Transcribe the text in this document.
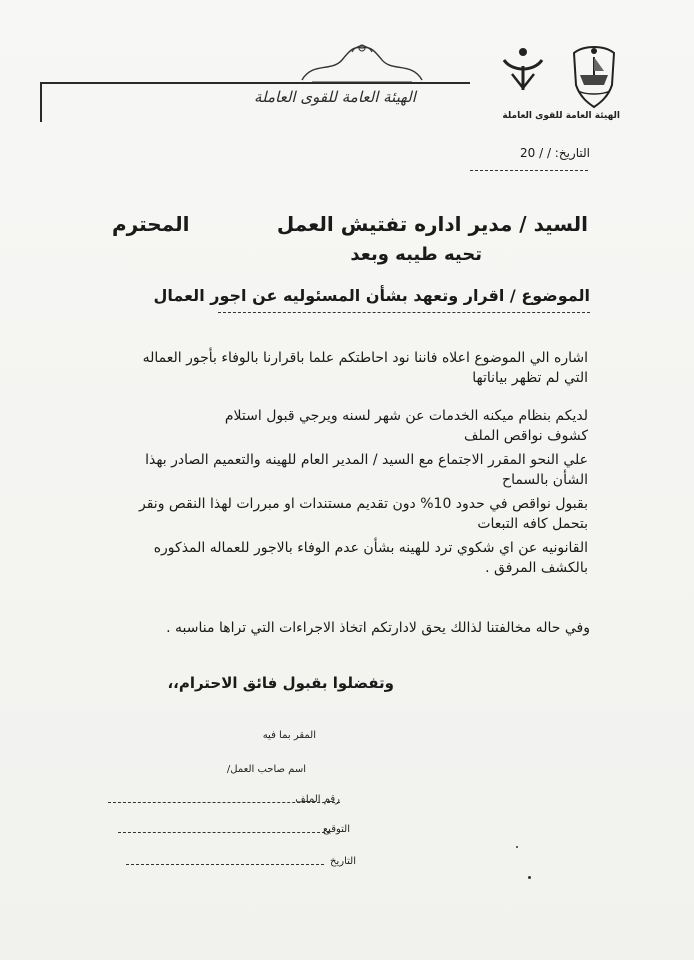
الهيئة العامة للقوى العاملة
الهيئة العامة للقوى العاملة
التاريخ: / / 20
السيد / مدير اداره تفتيش العمل
المحترم
تحيه طيبه وبعد
الموضوع / اقرار وتعهد بشأن المسئوليه عن اجور العمال
اشاره الي الموضوع اعلاه فاننا نود احاطتكم علما باقرارنا بالوفاء بأجور العماله
التي لم تظهر بياناتها
لديكم بنظام ميكنه الخدمات عن شهر لسنه ويرجي قبول استلام
كشوف نواقص الملف
علي النحو المقرر الاجتماع مع السيد / المدير العام للهينه والتعميم الصادر بهذا
الشأن بالسماح
بقبول نواقص في حدود 10% دون تقديم مستندات او مبررات لهذا النقص ونقر
بتحمل كافه التبعات
القانونيه عن اي شكوي ترد للهينه بشأن عدم الوفاء بالاجور للعماله المذكوره
بالكشف المرفق .
وفي حاله مخالفتنا لذالك يحق لادارتكم اتخاذ الاجراءات التي تراها مناسبه .
وتفضلوا بقبول فائق الاحترام،،
المقر بما فيه
اسم صاحب العمل/
رقم الملف
التوقيع
التاريخ
